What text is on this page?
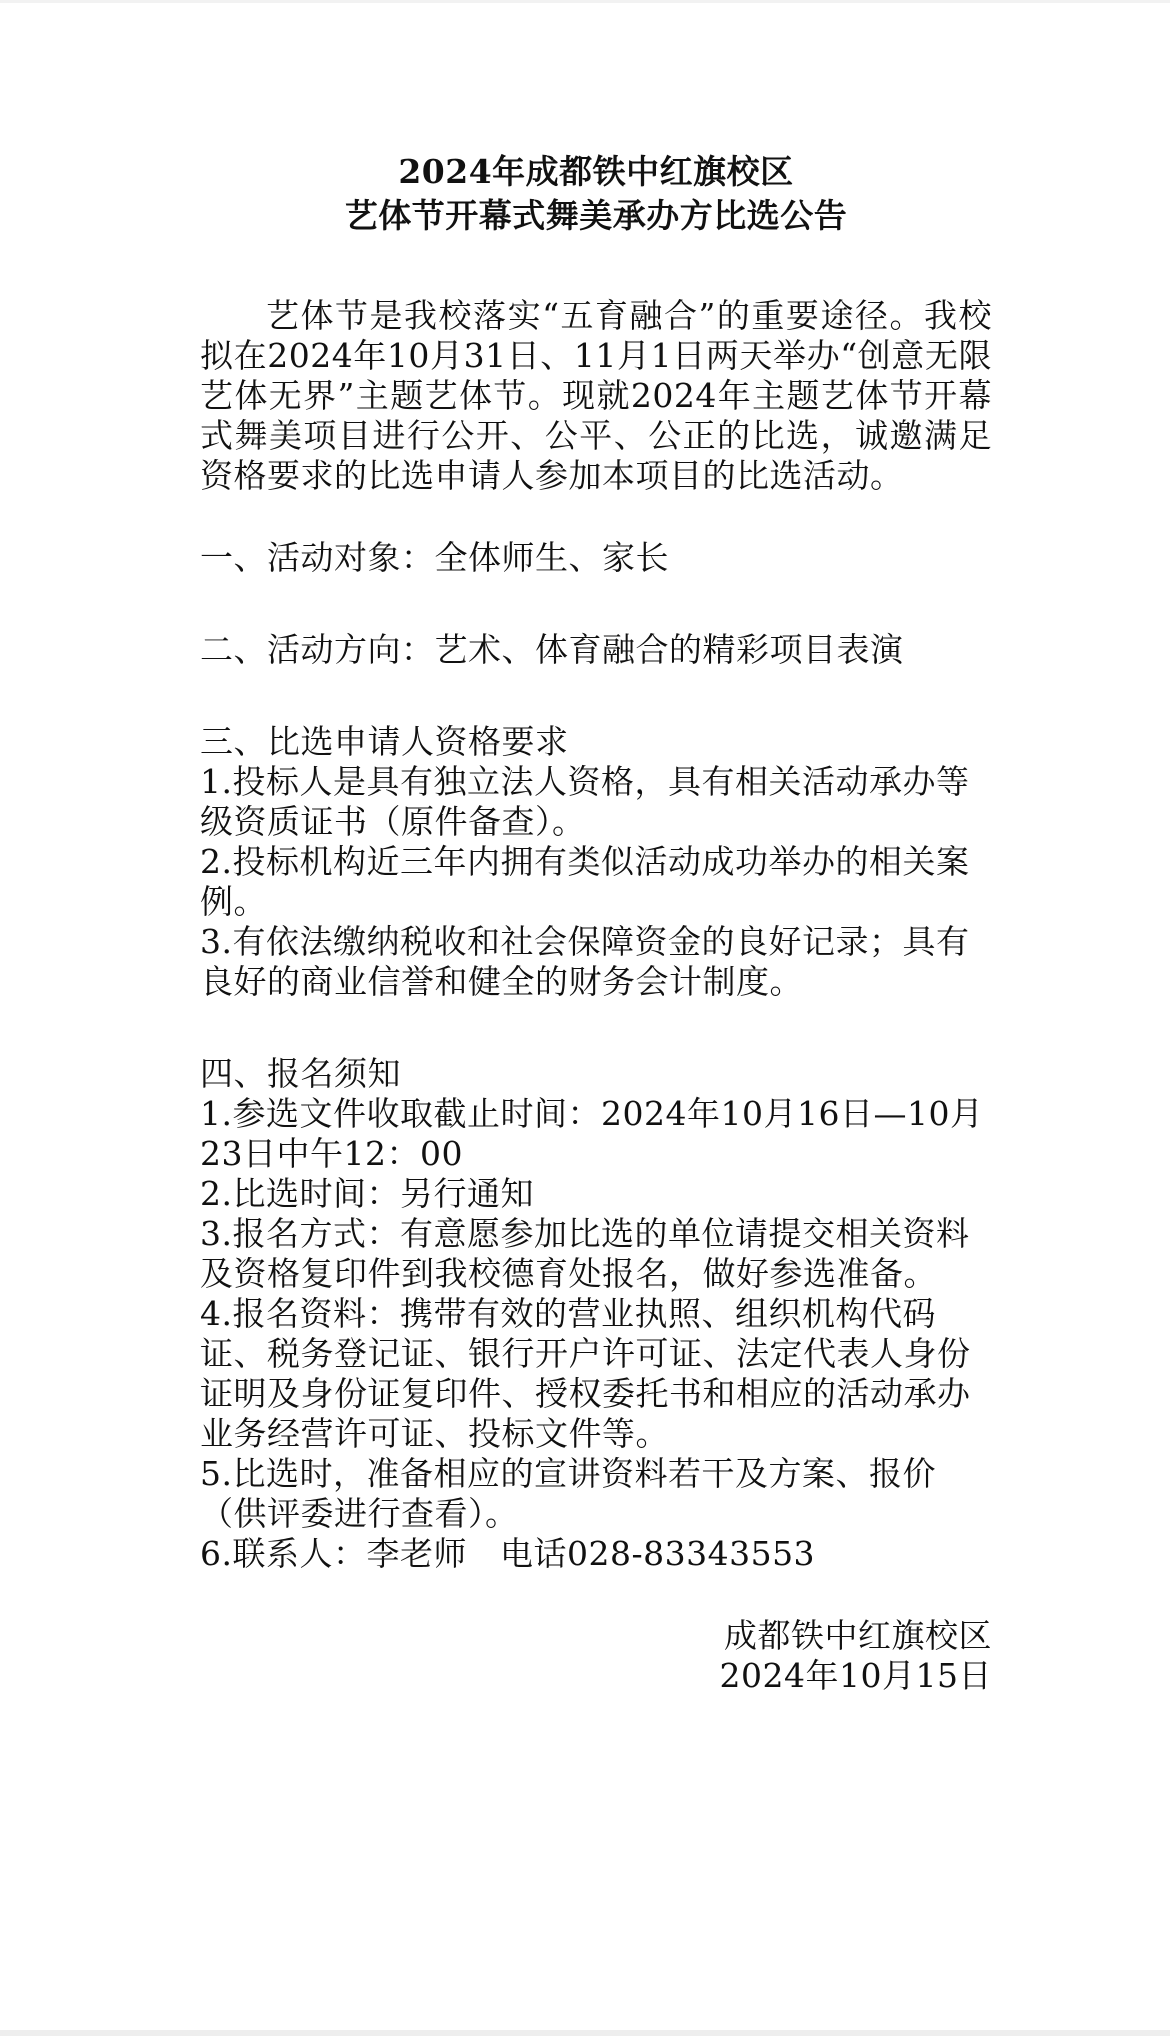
2024年成都铁中红旗校区

艺体节开幕式舞美承办方比选公告

艺体节是我校落实“五育融合”的重要途径。我校拟在2024年10月31日、11月1日两天举办“创意无限 艺体无界”主题艺体节。现就2024年主题艺体节开幕式舞美项目进行公开、公平、公正的比选，诚邀满足资格要求的比选申请人参加本项目的比选活动。

一、活动对象：全体师生、家长

二、活动方向：艺术、体育融合的精彩项目表演

三、比选申请人资格要求

1.投标人是具有独立法人资格，具有相关活动承办等级资质证书（原件备查）。

2.投标机构近三年内拥有类似活动成功举办的相关案例。

3.有依法缴纳税收和社会保障资金的良好记录；具有良好的商业信誉和健全的财务会计制度。

四、报名须知

1.参选文件收取截止时间：2024年10月16日—10月23日中午12：00

2.比选时间：另行通知

3.报名方式：有意愿参加比选的单位请提交相关资料及资格复印件到我校德育处报名，做好参选准备。

4.报名资料：携带有效的营业执照、组织机构代码证、税务登记证、银行开户许可证、法定代表人身份证明及身份证复印件、授权委托书和相应的活动承办业务经营许可证、投标文件等。

5.比选时，准备相应的宣讲资料若干及方案、报价（供评委进行查看）。

6.联系人：李老师   电话028-83343553

成都铁中红旗校区

2024年10月15日
